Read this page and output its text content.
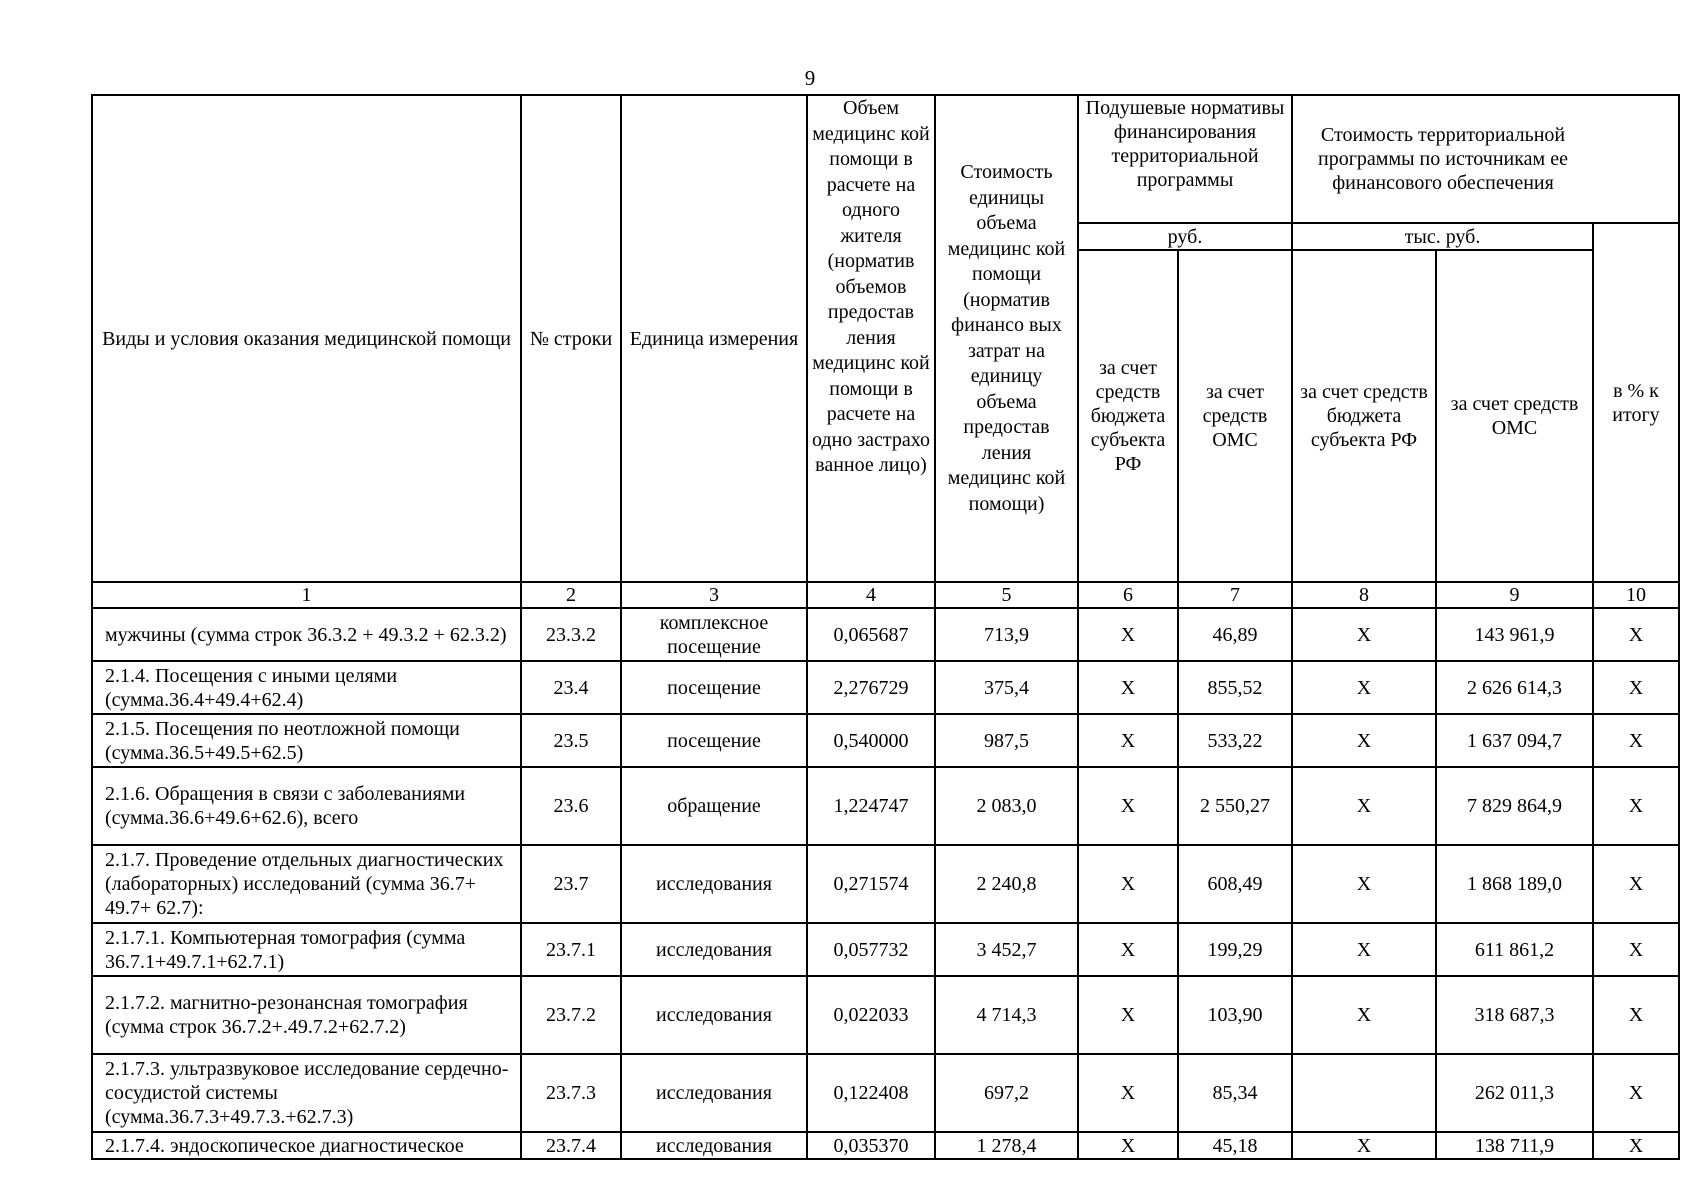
9
Виды и условия оказания медицинской помощи	№ строки	Единица измерения	Объем медицинс кой помощи в расчете на одного жителя (норматив объемов предостав ления медицинс кой помощи в расчете на одно застрахо ванное лицо)	Стоимость единицы объема медицинс кой помощи (норматив финансо вых затрат на единицу объема предостав ления медицинс кой помощи)	Подушевые нормативы финансирования территориальной программы		Стоимость территориальной программы по источникам ее финансового обеспечения		
					руб.		тыс. руб.		в % к итогу
					за счет средств бюджета субъекта РФ	за счет средств ОМС	за счет средств бюджета субъекта РФ	за счет средств ОМС	
1	2	3	4	5	6	7	8	9	10
мужчины (сумма строк 36.3.2 + 49.3.2 + 62.3.2)	23.3.2	комплексное посещение	0,065687	713,9	Х	46,89	Х	143 961,9	Х
2.1.4. Посещения с иными целями (сумма.36.4+49.4+62.4)	23.4	посещение	2,276729	375,4	Х	855,52	Х	2 626 614,3	Х
2.1.5. Посещения по неотложной помощи (сумма.36.5+49.5+62.5)	23.5	посещение	0,540000	987,5	Х	533,22	Х	1 637 094,7	Х
2.1.6. Обращения в связи с заболеваниями (сумма.36.6+49.6+62.6), всего	23.6	обращение	1,224747	2 083,0	Х	2 550,27	Х	7 829 864,9	Х
2.1.7. Проведение отдельных диагностических (лабораторных) исследований (сумма 36.7+ 49.7+ 62.7):	23.7	исследования	0,271574	2 240,8	Х	608,49	Х	1 868 189,0	Х
2.1.7.1. Компьютерная томография (сумма 36.7.1+49.7.1+62.7.1)	23.7.1	исследования	0,057732	3 452,7	Х	199,29	Х	611 861,2	Х
2.1.7.2. магнитно-резонансная томография (сумма строк 36.7.2+.49.7.2+62.7.2)	23.7.2	исследования	0,022033	4 714,3	Х	103,90	Х	318 687,3	Х
2.1.7.3. ультразвуковое исследование сердечно-сосудистой системы (сумма.36.7.3+49.7.3.+62.7.3)	23.7.3	исследования	0,122408	697,2	Х	85,34		262 011,3	Х
2.1.7.4. эндоскопическое диагностическое	23.7.4	исследования	0,035370	1 278,4	Х	45,18	Х	138 711,9	Х
